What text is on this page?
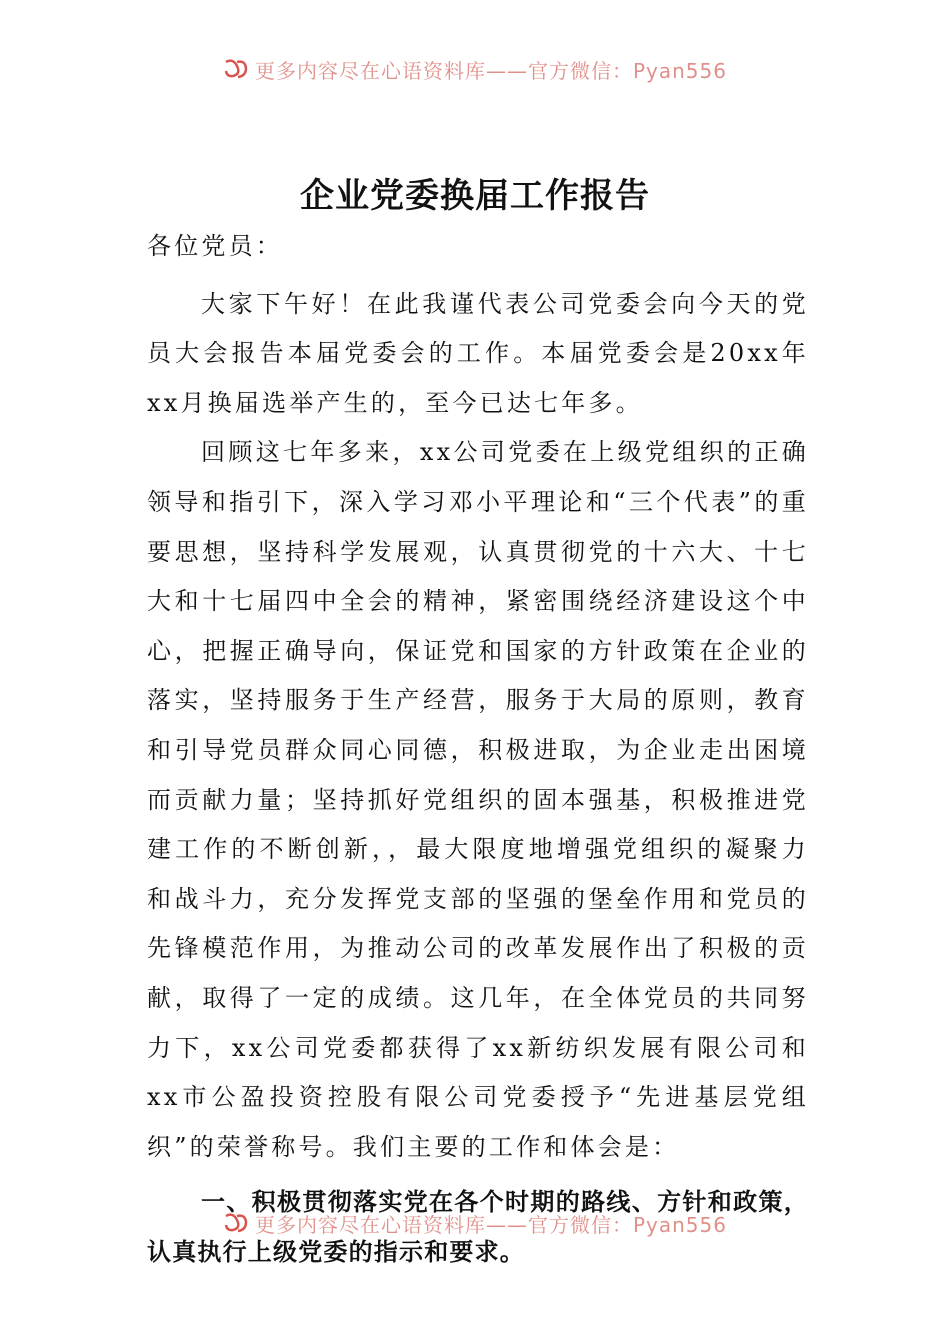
更多内容尽在心语资料库——官方微信：Pyan556
企业党委换届工作报告

各位党员：

大家下午好！在此我谨代表公司党委会向今天的党员大会报告本届党委会的工作。本届党委会是20xx年xx月换届选举产生的，至今已达七年多。

回顾这七年多来，xx公司党委在上级党组织的正确领导和指引下，深入学习邓小平理论和“三个代表”的重要思想，坚持科学发展观，认真贯彻党的十六大、十七大和十七届四中全会的精神，紧密围绕经济建设这个中心，把握正确导向，保证党和国家的方针政策在企业的落实，坚持服务于生产经营，服务于大局的原则，教育和引导党员群众同心同德，积极进取，为企业走出困境而贡献力量；坚持抓好党组织的固本强基，积极推进党建工作的不断创新，，最大限度地增强党组织的凝聚力和战斗力，充分发挥党支部的坚强的堡垒作用和党员的先锋模范作用，为推动公司的改革发展作出了积极的贡献，取得了一定的成绩。这几年，在全体党员的共同努力下，xx公司党委都获得了xx新纺织发展有限公司和xx市公盈投资控股有限公司党委授予“先进基层党组织”的荣誉称号。我们主要的工作和体会是：

一、积极贯彻落实党在各个时期的路线、方针和政策，认真执行上级党委的指示和要求。

更多内容尽在心语资料库——官方微信：Pyan556
